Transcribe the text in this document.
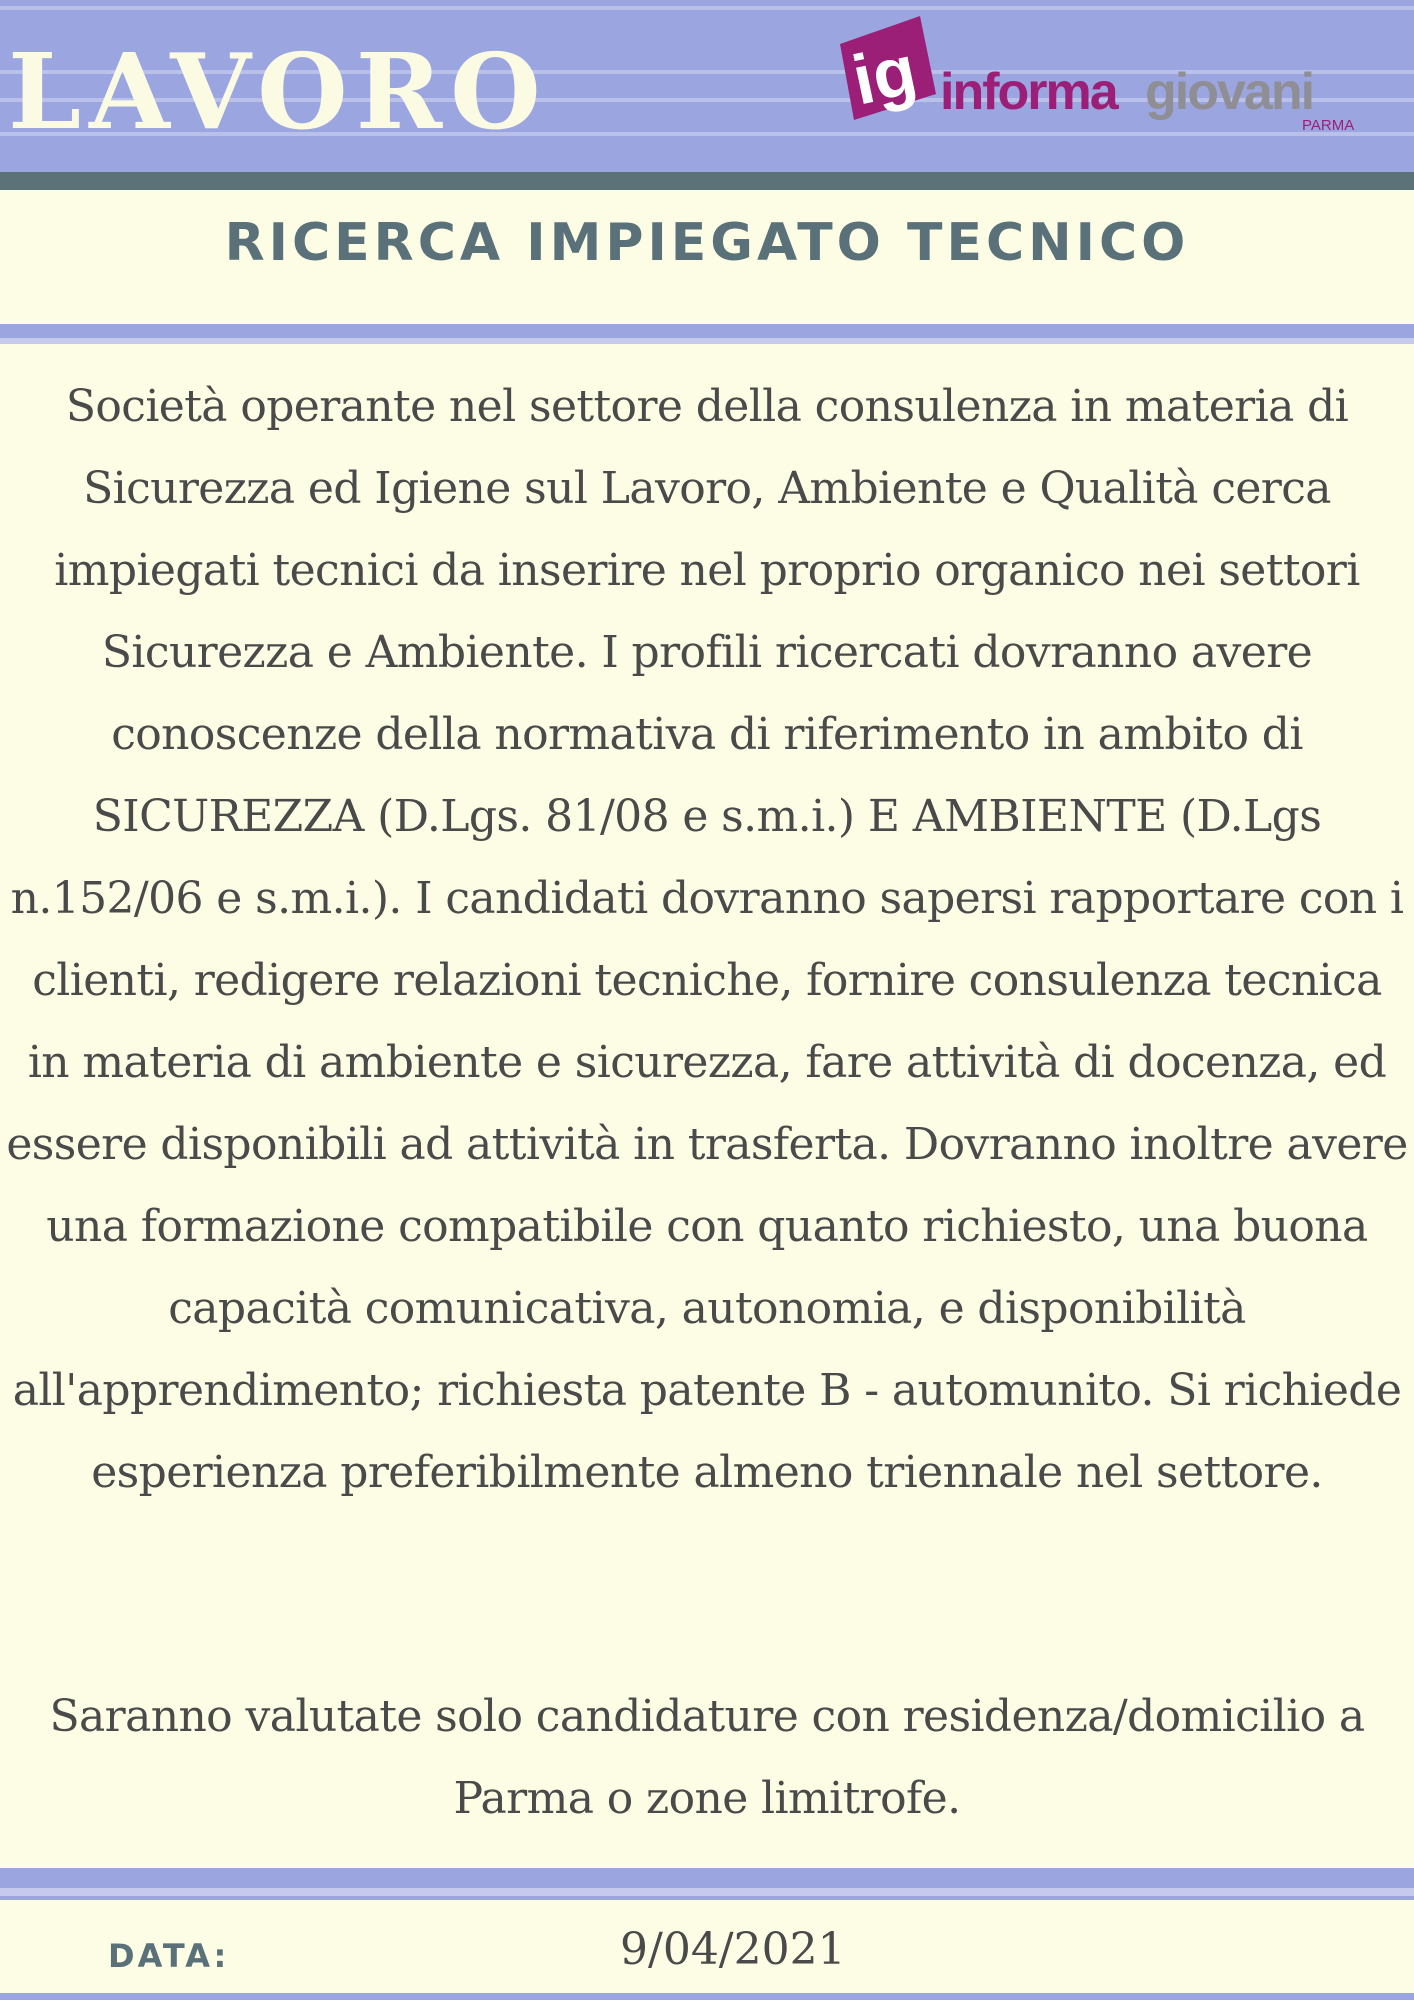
LAVORO	ig informa giovani
PARMA
RICERCA IMPIEGATO TECNICO

Società operante nel settore della consulenza in materia di Sicurezza ed Igiene sul Lavoro, Ambiente e Qualità cerca impiegati tecnici da inserire nel proprio organico nei settori Sicurezza e Ambiente. I profili ricercati dovranno avere conoscenze della normativa di riferimento in ambito di SICUREZZA (D.Lgs. 81/08 e s.m.i.) E AMBIENTE (D.Lgs n.152/06 e s.m.i.). I candidati dovranno sapersi rapportare con i clienti, redigere relazioni tecniche, fornire consulenza tecnica in materia di ambiente e sicurezza, fare attività di docenza, ed essere disponibili ad attività in trasferta. Dovranno inoltre avere una formazione compatibile con quanto richiesto, una buona capacità comunicativa, autonomia, e disponibilità all'apprendimento; richiesta patente B - automunito. Si richiede esperienza preferibilmente almeno triennale nel settore.

Saranno valutate solo candidature con residenza/domicilio a Parma o zone limitrofe.

DATA:	9/04/2021
